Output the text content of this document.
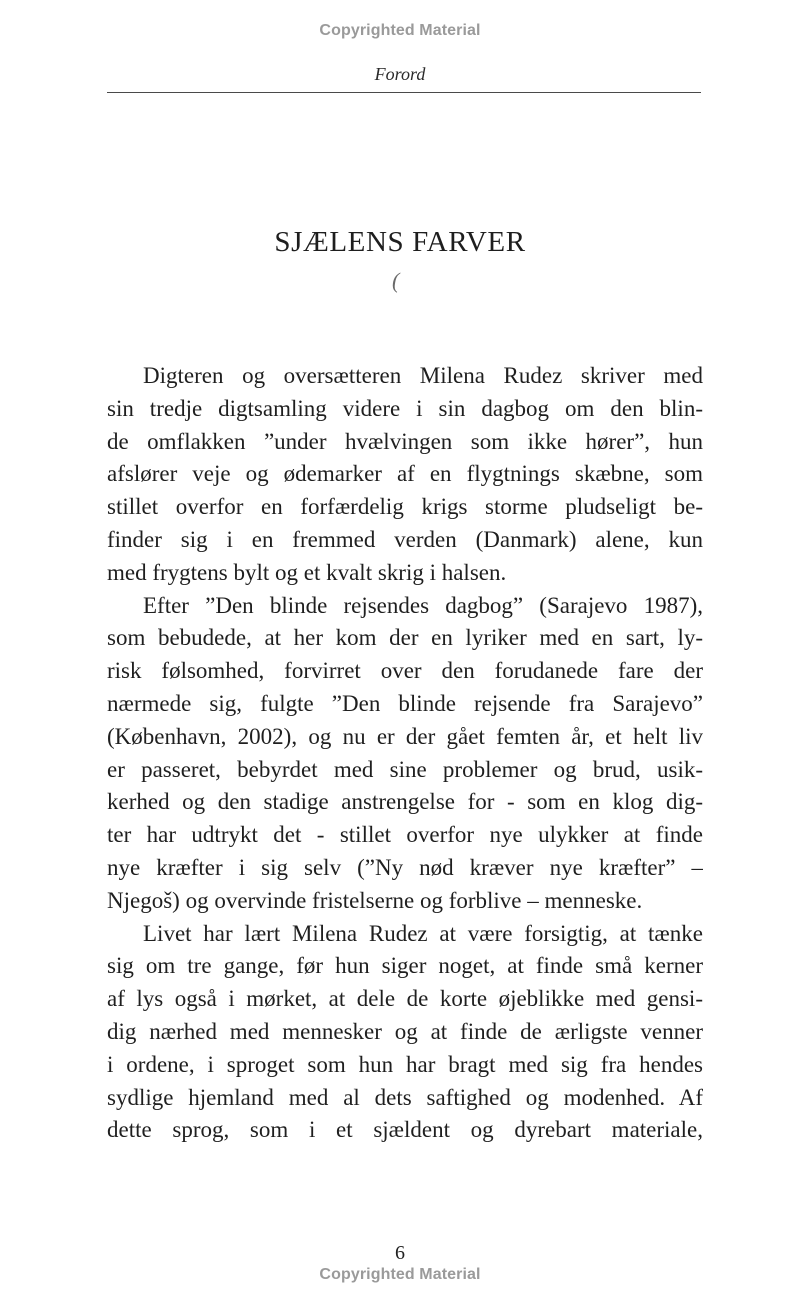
Copyrighted Material
Forord
SJÆLENS FARVER
(
Digteren og oversætteren Milena Rudez skriver med
sin tredje digtsamling videre i sin dagbog om den blin-
de omflakken ”under hvælvingen som ikke hører”, hun
afslører veje og ødemarker af en flygtnings skæbne, som
stillet overfor en forfærdelig krigs storme pludseligt be-
finder sig i en fremmed verden (Danmark) alene, kun
med frygtens bylt og et kvalt skrig i halsen.
Efter ”Den blinde rejsendes dagbog” (Sarajevo 1987),
som bebudede, at her kom der en lyriker med en sart, ly-
risk følsomhed, forvirret over den forudanede fare der
nærmede sig, fulgte ”Den blinde rejsende fra Sarajevo”
(København, 2002), og nu er der gået femten år, et helt liv
er passeret, bebyrdet med sine problemer og brud, usik-
kerhed og den stadige anstrengelse for - som en klog dig-
ter har udtrykt det - stillet overfor nye ulykker at finde
nye kræfter i sig selv (”Ny nød kræver nye kræfter” –
Njegoš) og overvinde fristelserne og forblive – menneske.
Livet har lært Milena Rudez at være forsigtig, at tænke
sig om tre gange, før hun siger noget, at finde små kerner
af lys også i mørket, at dele de korte øjeblikke med gensi-
dig nærhed med mennesker og at finde de ærligste venner
i ordene, i sproget som hun har bragt med sig fra hendes
sydlige hjemland med al dets saftighed og modenhed. Af
dette sprog, som i et sjældent og dyrebart materiale,
6
Copyrighted Material
